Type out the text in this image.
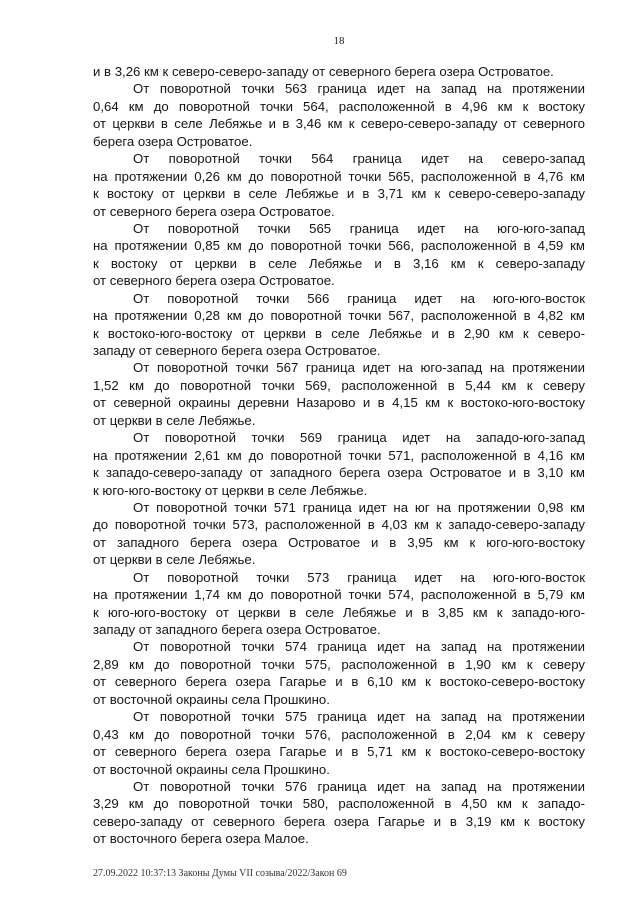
18
и в 3,26 км к северо-северо-западу от северного берега озера Островатое.
От поворотной точки 563 граница идет на запад на протяжении
0,64 км до поворотной точки 564, расположенной в 4,96 км к востоку
от церкви в селе Лебяжье и в 3,46 км к северо-северо-западу от северного
берега озера Островатое.
От поворотной точки 564 граница идет на северо-запад
на протяжении 0,26 км до поворотной точки 565, расположенной в 4,76 км
к востоку от церкви в селе Лебяжье и в 3,71 км к северо-северо-западу
от северного берега озера Островатое.
От поворотной точки 565 граница идет на юго-юго-запад
на протяжении 0,85 км до поворотной точки 566, расположенной в 4,59 км
к востоку от церкви в селе Лебяжье и в 3,16 км к северо-западу
от северного берега озера Островатое.
От поворотной точки 566 граница идет на юго-юго-восток
на протяжении 0,28 км до поворотной точки 567, расположенной в 4,82 км
к востоко-юго-востоку от церкви в селе Лебяжье и в 2,90 км к северо-
западу от северного берега озера Островатое.
От поворотной точки 567 граница идет на юго-запад на протяжении
1,52 км до поворотной точки 569, расположенной в 5,44 км к северу
от северной окраины деревни Назарово и в 4,15 км к востоко-юго-востоку
от церкви в селе Лебяжье.
От поворотной точки 569 граница идет на западо-юго-запад
на протяжении 2,61 км до поворотной точки 571, расположенной в 4,16 км
к западо-северо-западу от западного берега озера Островатое и в 3,10 км
к юго-юго-востоку от церкви в селе Лебяжье.
От поворотной точки 571 граница идет на юг на протяжении 0,98 км
до поворотной точки 573, расположенной в 4,03 км к западо-северо-западу
от западного берега озера Островатое и в 3,95 км к юго-юго-востоку
от церкви в селе Лебяжье.
От поворотной точки 573 граница идет на юго-юго-восток
на протяжении 1,74 км до поворотной точки 574, расположенной в 5,79 км
к юго-юго-востоку от церкви в селе Лебяжье и в 3,85 км к западо-юго-
западу от западного берега озера Островатое.
От поворотной точки 574 граница идет на запад на протяжении
2,89 км до поворотной точки 575, расположенной в 1,90 км к северу
от северного берега озера Гагарье и в 6,10 км к востоко-северо-востоку
от восточной окраины села Прошкино.
От поворотной точки 575 граница идет на запад на протяжении
0,43 км до поворотной точки 576, расположенной в 2,04 км к северу
от северного берега озера Гагарье и в 5,71 км к востоко-северо-востоку
от восточной окраины села Прошкино.
От поворотной точки 576 граница идет на запад на протяжении
3,29 км до поворотной точки 580, расположенной в 4,50 км к западо-
северо-западу от северного берега озера Гагарье и в 3,19 км к востоку
от восточного берега озера Малое.
27.09.2022 10:37:13 Законы Думы VII созыва/2022/Закон 69
